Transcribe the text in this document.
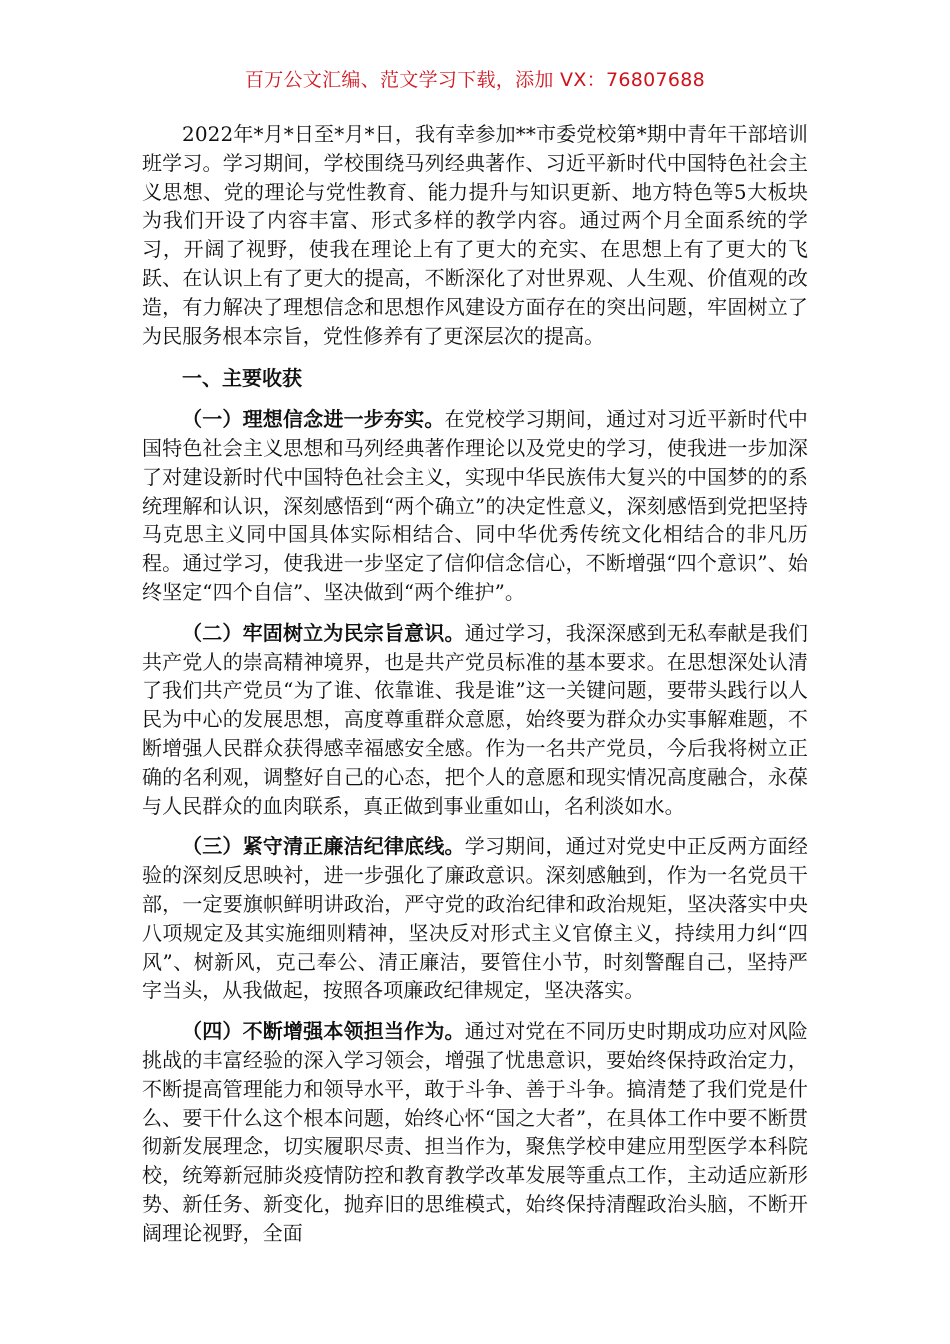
百万公文汇编、范文学习下载，添加 VX：76807688

2022年*月*日至*月*日，我有幸参加**市委党校第*期中青年干部培训班学习。学习期间，学校围绕马列经典著作、习近平新时代中国特色社会主义思想、党的理论与党性教育、能力提升与知识更新、地方特色等5大板块为我们开设了内容丰富、形式多样的教学内容。通过两个月全面系统的学习，开阔了视野，使我在理论上有了更大的充实、在思想上有了更大的飞跃、在认识上有了更大的提高，不断深化了对世界观、人生观、价值观的改造，有力解决了理想信念和思想作风建设方面存在的突出问题，牢固树立了为民服务根本宗旨，党性修养有了更深层次的提高。

一、主要收获

（一）理想信念进一步夯实。在党校学习期间，通过对习近平新时代中国特色社会主义思想和马列经典著作理论以及党史的学习，使我进一步加深了对建设新时代中国特色社会主义，实现中华民族伟大复兴的中国梦的的系统理解和认识，深刻感悟到“两个确立”的决定性意义，深刻感悟到党把坚持马克思主义同中国具体实际相结合、同中华优秀传统文化相结合的非凡历程。通过学习，使我进一步坚定了信仰信念信心，不断增强“四个意识”、始终坚定“四个自信”、坚决做到“两个维护”。

（二）牢固树立为民宗旨意识。通过学习，我深深感到无私奉献是我们共产党人的崇高精神境界，也是共产党员标准的基本要求。在思想深处认清了我们共产党员“为了谁、依靠谁、我是谁”这一关键问题，要带头践行以人民为中心的发展思想，高度尊重群众意愿，始终要为群众办实事解难题，不断增强人民群众获得感幸福感安全感。作为一名共产党员，今后我将树立正确的名利观，调整好自己的心态，把个人的意愿和现实情况高度融合，永葆与人民群众的血肉联系，真正做到事业重如山，名利淡如水。

（三）紧守清正廉洁纪律底线。学习期间，通过对党史中正反两方面经验的深刻反思映衬，进一步强化了廉政意识。深刻感触到，作为一名党员干部，一定要旗帜鲜明讲政治，严守党的政治纪律和政治规矩，坚决落实中央八项规定及其实施细则精神，坚决反对形式主义官僚主义，持续用力纠“四风”、树新风，克己奉公、清正廉洁，要管住小节，时刻警醒自己，坚持严字当头，从我做起，按照各项廉政纪律规定，坚决落实。

（四）不断增强本领担当作为。通过对党在不同历史时期成功应对风险挑战的丰富经验的深入学习领会，增强了忧患意识，要始终保持政治定力，不断提高管理能力和领导水平，敢于斗争、善于斗争。搞清楚了我们党是什么、要干什么这个根本问题，始终心怀“国之大者”，在具体工作中要不断贯彻新发展理念，切实履职尽责、担当作为，聚焦学校申建应用型医学本科院校，统筹新冠肺炎疫情防控和教育教学改革发展等重点工作，主动适应新形势、新任务、新变化，抛弃旧的思维模式，始终保持清醒政治头脑，不断开阔理论视野，全面
